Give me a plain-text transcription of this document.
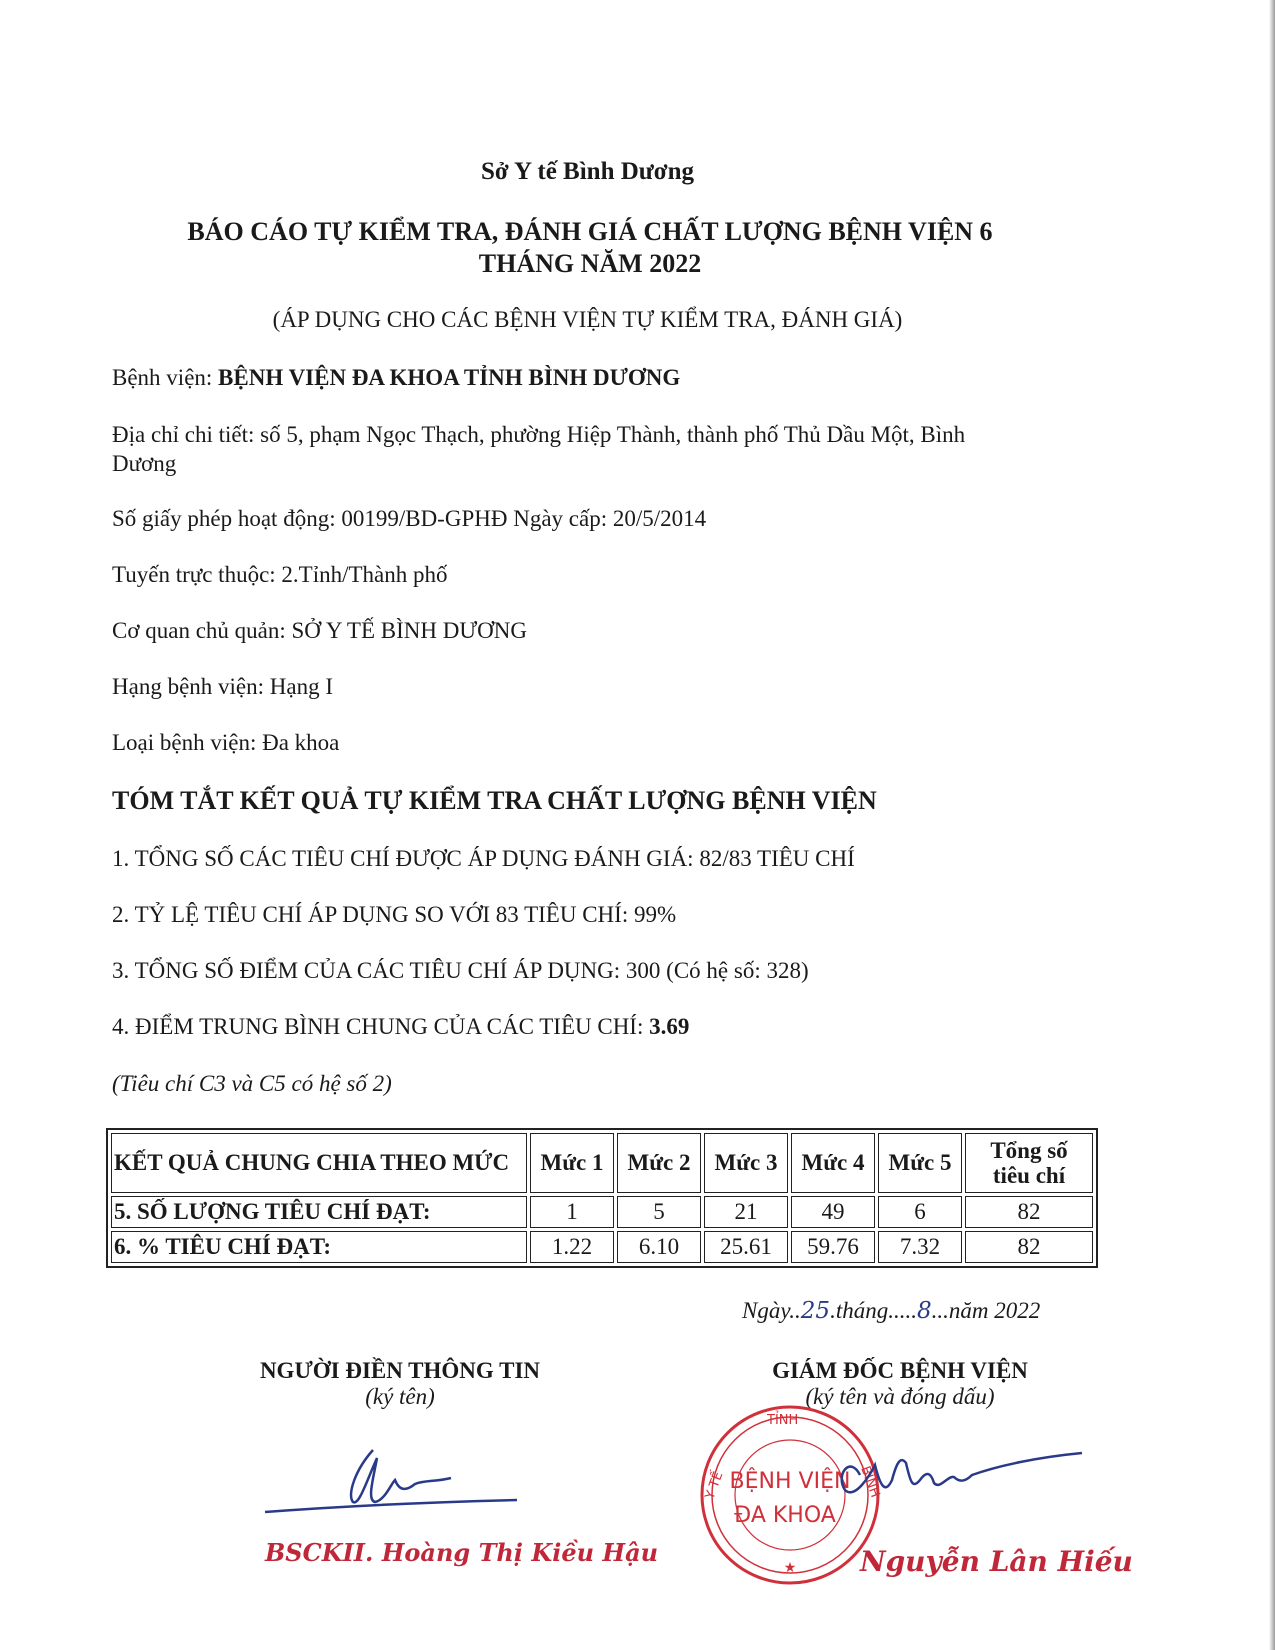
Sở Y tế Bình Dương
BÁO CÁO TỰ KIỂM TRA, ĐÁNH GIÁ CHẤT LƯỢNG BỆNH VIỆN 6
THÁNG NĂM 2022
(ÁP DỤNG CHO CÁC BỆNH VIỆN TỰ KIỂM TRA, ĐÁNH GIÁ)
Bệnh viện: BỆNH VIỆN ĐA KHOA TỈNH BÌNH DƯƠNG
Địa chỉ chi tiết: số 5, phạm Ngọc Thạch, phường Hiệp Thành, thành phố Thủ Dầu Một, Bình
Dương
Số giấy phép hoạt động: 00199/BD-GPHĐ Ngày cấp: 20/5/2014
Tuyến trực thuộc: 2.Tỉnh/Thành phố
Cơ quan chủ quản: SỞ Y TẾ BÌNH DƯƠNG
Hạng bệnh viện: Hạng I
Loại bệnh viện: Đa khoa
TÓM TẮT KẾT QUẢ TỰ KIỂM TRA CHẤT LƯỢNG BỆNH VIỆN
1. TỔNG SỐ CÁC TIÊU CHÍ ĐƯỢC ÁP DỤNG ĐÁNH GIÁ: 82/83 TIÊU CHÍ
2. TỶ LỆ TIÊU CHÍ ÁP DỤNG SO VỚI 83 TIÊU CHÍ: 99%
3. TỔNG SỐ ĐIỂM CỦA CÁC TIÊU CHÍ ÁP DỤNG: 300 (Có hệ số: 328)
4. ĐIỂM TRUNG BÌNH CHUNG CỦA CÁC TIÊU CHÍ: 3.69
(Tiêu chí C3 và C5 có hệ số 2)
KẾT QUẢ CHUNG CHIA THEO MỨC	Mức 1	Mức 2	Mức 3	Mức 4	Mức 5	Tổng số
tiêu chí

5. SỐ LƯỢNG TIÊU CHÍ ĐẠT:	1	5	21	49	6	82
6. % TIÊU CHÍ ĐẠT:	1.22	6.10	25.61	59.76	7.32	82
Ngày..25.tháng.....8...năm 2022
NGƯỜI ĐIỀN THÔNG TIN
(ký tên)
BSCKII. Hoàng Thị Kiều Hậu
GIÁM ĐỐC BỆNH VIỆN
(ký tên và đóng dấu)
TỈNH
Y TẾ	BÌNH
BỆNH VIỆN
ĐA KHOA
★ Nguyễn Lân Hiếu
